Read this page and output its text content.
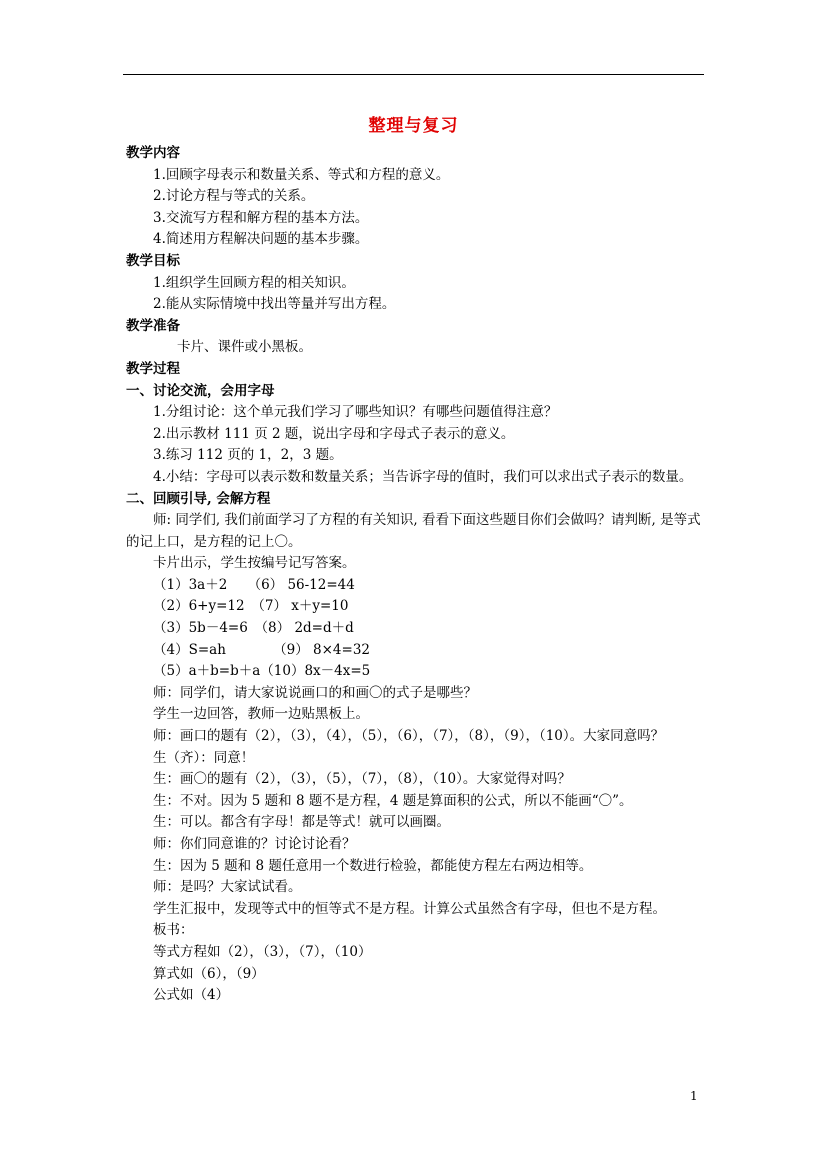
整理与复习
教学内容
1.回顾字母表示和数量关系、等式和方程的意义。
2.讨论方程与等式的关系。
3.交流写方程和解方程的基本方法。
4.简述用方程解决问题的基本步骤。
教学目标
1.组织学生回顾方程的相关知识。
2.能从实际情境中找出等量并写出方程。
教学准备
卡片、课件或小黑板。
教学过程
一、讨论交流，会用字母
1.分组讨论：这个单元我们学习了哪些知识？有哪些问题值得注意？
2.出示教材 111 页 2 题，说出字母和字母式子表示的意义。
3.练习 112 页的 1，2，3 题。
4.小结：字母可以表示数和数量关系；当告诉字母的值时，我们可以求出式子表示的数量。
二、回顾引导, 会解方程
师: 同学们, 我们前面学习了方程的有关知识, 看看下面这些题目你们会做吗？请判断, 是等式的记上口，是方程的记上〇。
卡片出示，学生按编号记写答案。
（1）3a＋2　　（6） 56-12=44
（2）6+y=12　（7） x＋y=10
（3）5b－4=6　（8） 2d=d＋d
（4）S=ah　　　　（9） 8×4=32
（5）a＋b=b＋a（10）8x－4x=5
师：同学们，请大家说说画口的和画〇的式子是哪些？
学生一边回答，教师一边贴黑板上。
师：画口的题有（2），（3），（4），（5），（6），（7），（8），（9），（10）。大家同意吗？
生（齐）：同意！
生：画〇的题有（2），（3），（5），（7），（8），（10）。大家觉得对吗？
生：不对。因为 5 题和 8 题不是方程，4 题是算面积的公式，所以不能画“〇”。
生：可以。都含有字母！都是等式！就可以画圈。
师：你们同意谁的？讨论讨论看？
生：因为 5 题和 8 题任意用一个数进行检验，都能使方程左右两边相等。
师：是吗？大家试试看。
学生汇报中，发现等式中的恒等式不是方程。计算公式虽然含有字母，但也不是方程。
板书：
等式方程如（2），（3），（7），（10）
算式如（6），（9）
公式如（4）
1
